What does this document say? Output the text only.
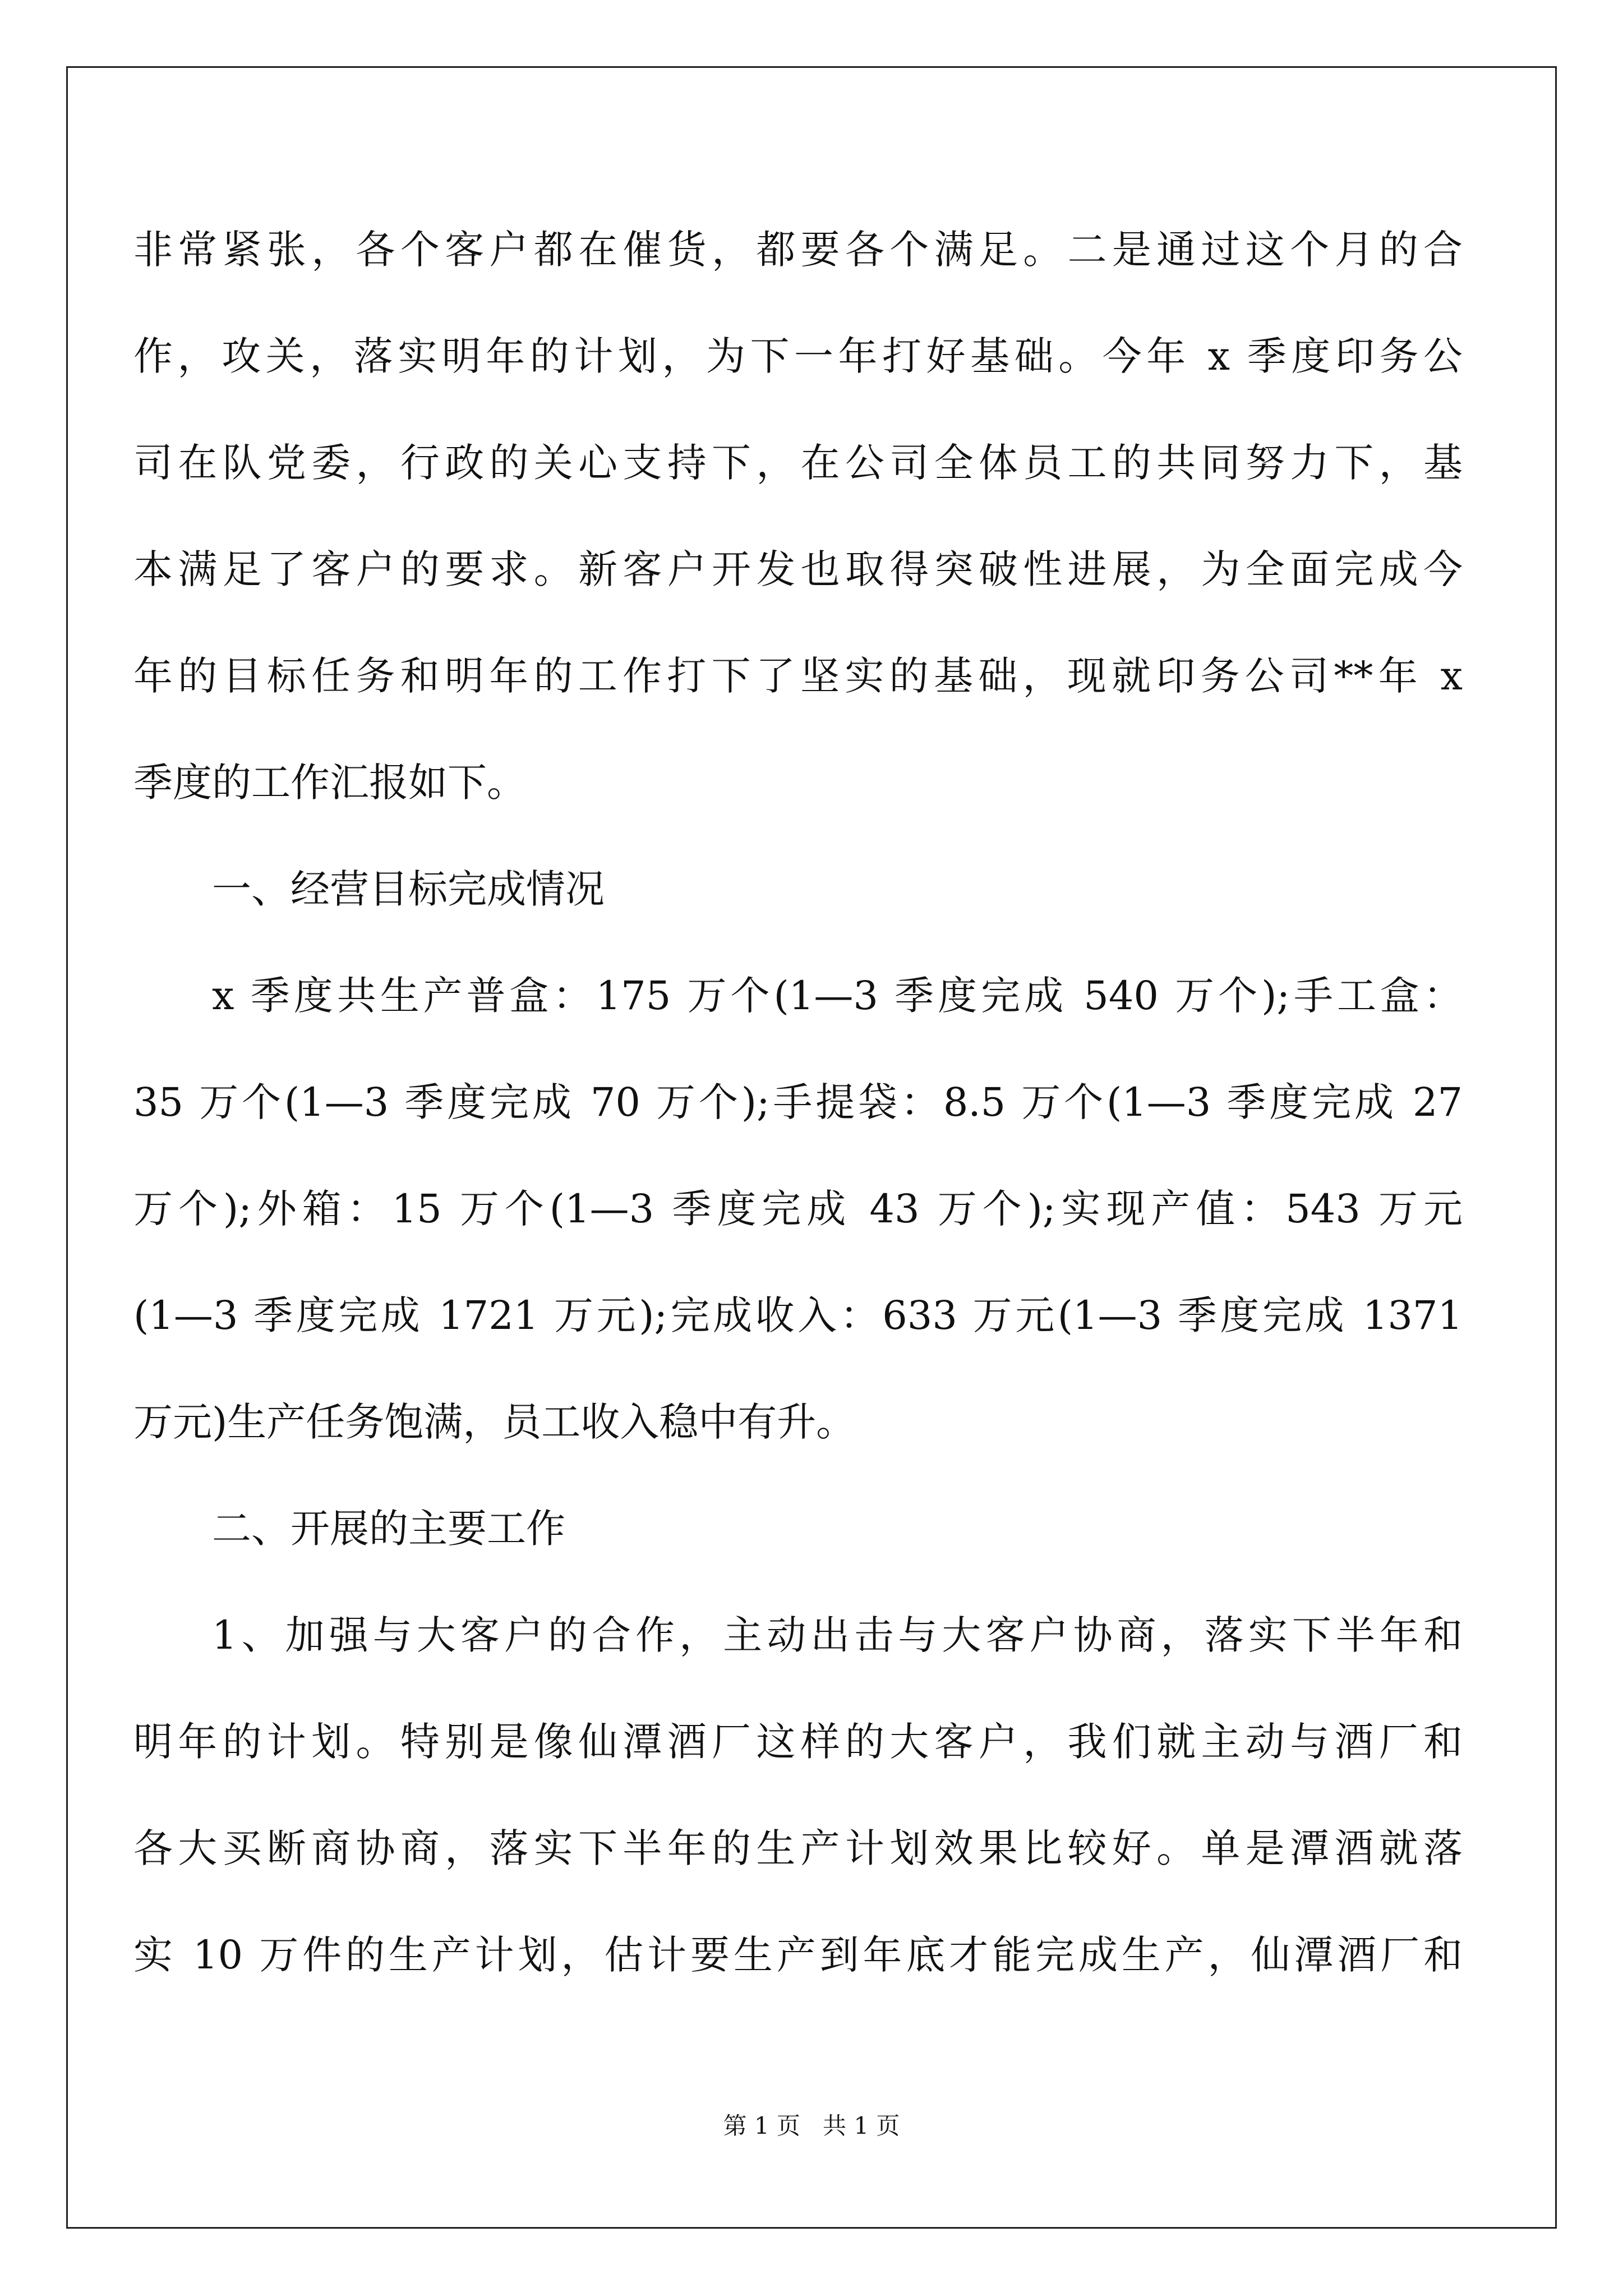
非常紧张，各个客户都在催货，都要各个满足。二是通过这个月的合
作，攻关，落实明年的计划，为下一年打好基础。今年 x 季度印务公
司在队党委，行政的关心支持下，在公司全体员工的共同努力下，基
本满足了客户的要求。新客户开发也取得突破性进展，为全面完成今
年的目标任务和明年的工作打下了坚实的基础，现就印务公司**年 x
季度的工作汇报如下。
一、经营目标完成情况
x 季度共生产普盒：175 万个(1—3 季度完成 540 万个);手工盒：
35 万个(1—3 季度完成 70 万个);手提袋：8.5 万个(1—3 季度完成 27
万个);外箱：15 万个(1—3 季度完成 43 万个);实现产值：543 万元
(1—3 季度完成 1721 万元);完成收入：633 万元(1—3 季度完成 1371
万元)生产任务饱满，员工收入稳中有升。
二、开展的主要工作
1、加强与大客户的合作，主动出击与大客户协商，落实下半年和
明年的计划。特别是像仙潭酒厂这样的大客户，我们就主动与酒厂和
各大买断商协商，落实下半年的生产计划效果比较好。单是潭酒就落
实 10 万件的生产计划，估计要生产到年底才能完成生产，仙潭酒厂和
第 1 页 共 1 页
